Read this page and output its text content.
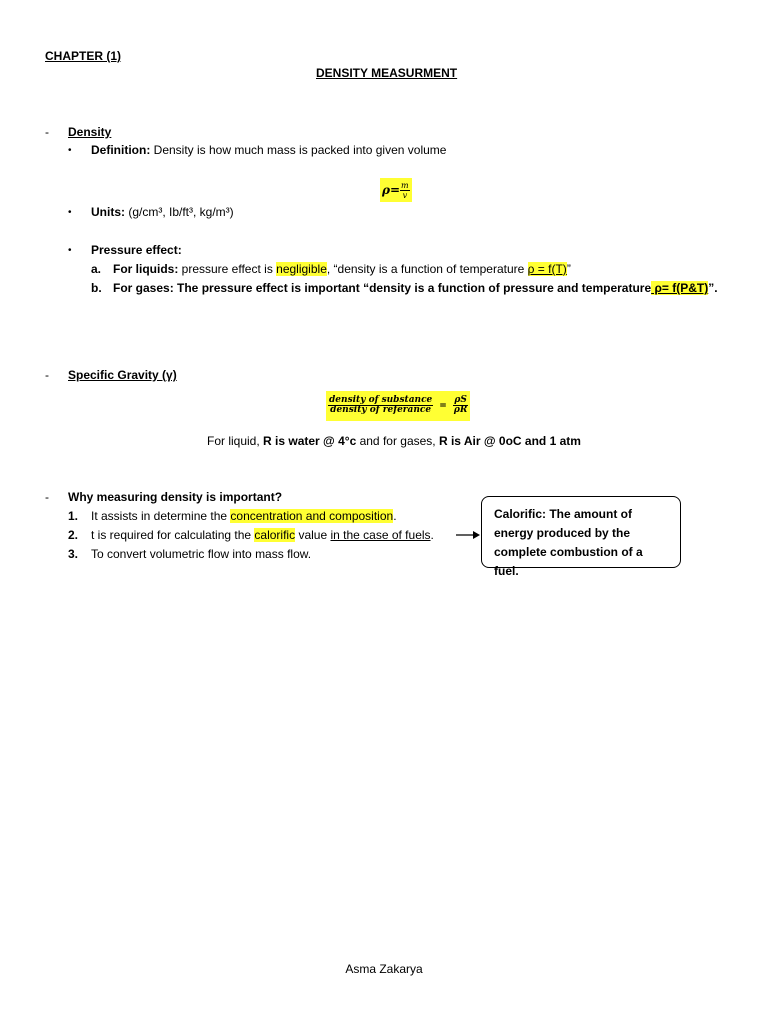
CHAPTER (1)
DENSITY MEASURMENT
- Density
• Definition: Density is how much mass is packed into given volume
$\rho= \frac{m}{v}$
• Units: (g/cm³, Ib/ft³, kg/m³)
• Pressure effect:
a. For liquids: pressure effect is negligible, “density is a function of temperature ρ = f(T)”
b. For gases: The pressure effect is important “density is a function of pressure and temperature ρ= f(P&T)”.
- Specific Gravity (γ)
$\frac{\text{density of substance}}{\text{density of referance}} = \frac{\rho S}{\rho R}$
For liquid, R is water @ 4°c and for gases, R is Air @ 0oC and 1 atm
- Why measuring density is important?
1. It assists in determine the concentration and composition.
2. t is required for calculating the calorific value in the case of fuels.
3. To convert volumetric flow into mass flow.
Calorific: The amount of energy produced by the complete combustion of a fuel.
Asma Zakarya
